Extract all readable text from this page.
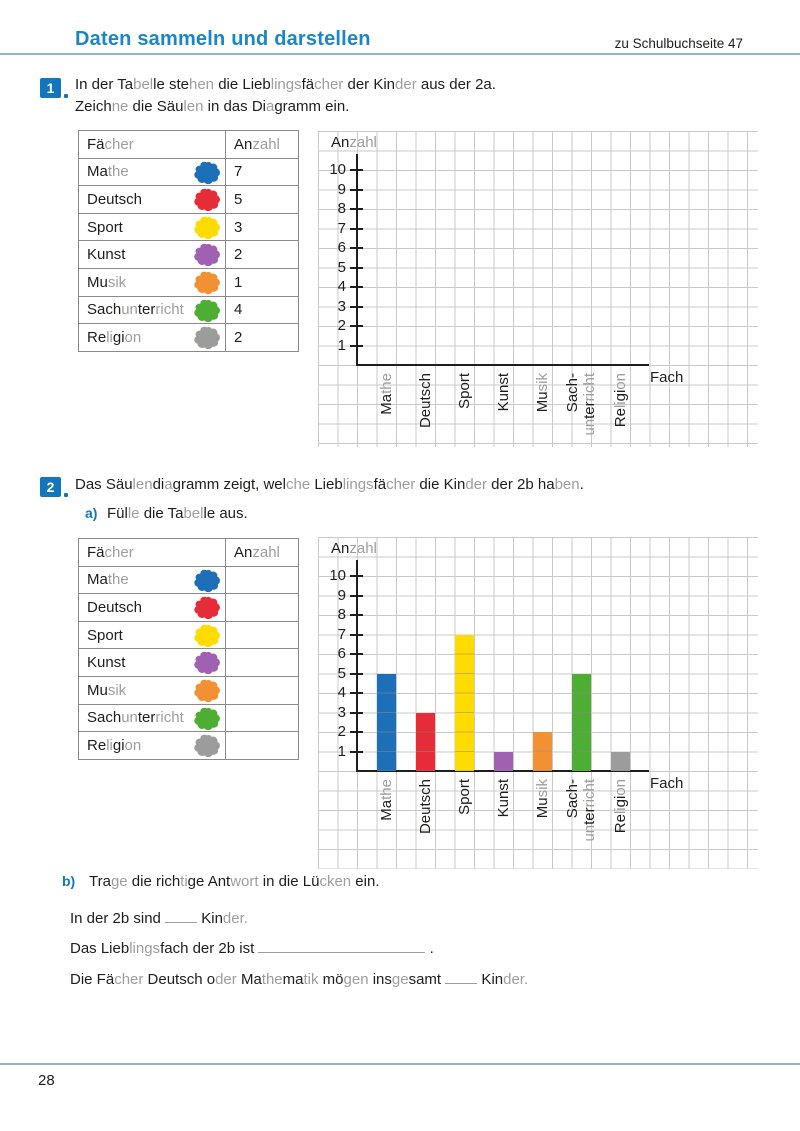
Daten sammeln und darstellen	zu Schulbuchseite 47
1 In der Tabelle stehen die Lieblingsfächer der Kinder aus der 2a.
Zeichne die Säulen in das Diagramm ein.
Fä cher	An zahl
Mathe	7
Deutsch	5
Sport	3
Kunst	2
Musik	1
Sachunterricht	4
Religion	2
Anzahl
Fach
1
2
3
4
5
6
7
8
9
10
Mathe Deutsch Sport Kunst Musik Sach-
unterricht
Religion
2 Das Säulendiagramm zeigt, welche Lieblingsfächer die Kinder der 2b haben.
a) Fülle die Tabelle aus.
Fä cher	An zahl
Mathe
Deutsch
Sport
Kunst
Musik
Sachunterricht
Religion
Anzahl
Fach
1
2
3
4
5
6
7
8
9
10
Mathe Deutsch Sport Kunst Musik Sach-
unterricht
Religion
b) Trage die richtige Antwort in die Lücken ein.
In der 2b sind  Kinder.
Das Lieblingsfach der 2b ist	.
Die Fächer Deutsch oder Mathematik mögen insgesamt  Kinder.
28
